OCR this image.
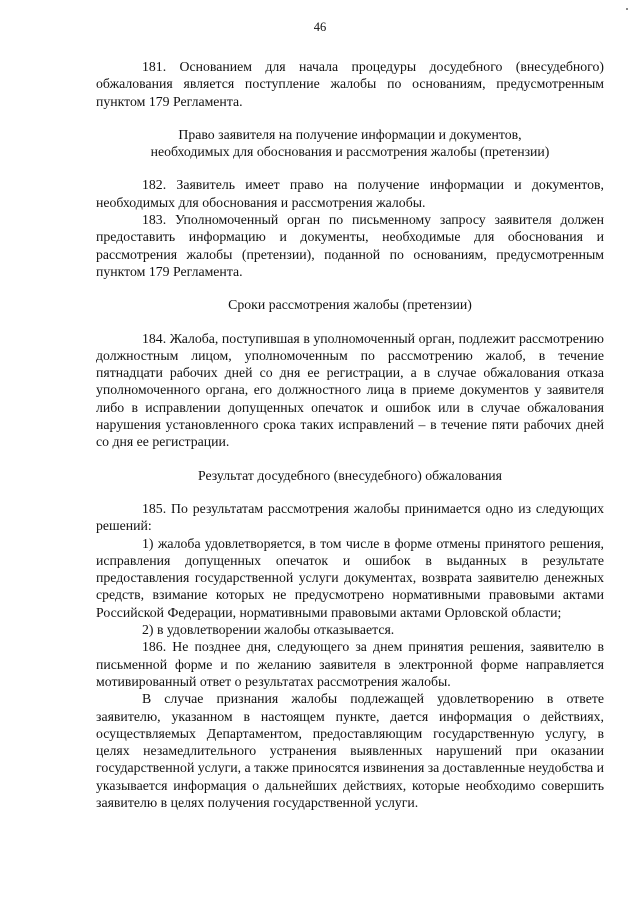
46

181. Основанием для начала процедуры досудебного (внесудебного) обжалования является поступление жалобы по основаниям, предусмотренным пунктом 179 Регламента.

Право заявителя на получение информации и документов,
необходимых для обоснования и рассмотрения жалобы (претензии)

182. Заявитель имеет право на получение информации и документов, необходимых для обоснования и рассмотрения жалобы.

183. Уполномоченный орган по письменному запросу заявителя должен предоставить информацию и документы, необходимые для обоснования и рассмотрения жалобы (претензии), поданной по основаниям, предусмотренным пунктом 179 Регламента.

Сроки рассмотрения жалобы (претензии)

184. Жалоба, поступившая в уполномоченный орган, подлежит рассмотрению должностным лицом, уполномоченным по рассмотрению жалоб, в течение пятнадцати рабочих дней со дня ее регистрации, а в случае обжалования отказа уполномоченного органа, его должностного лица в приеме документов у заявителя либо в исправлении допущенных опечаток и ошибок или в случае обжалования нарушения установленного срока таких исправлений – в течение пяти рабочих дней со дня ее регистрации.

Результат досудебного (внесудебного) обжалования

185. По результатам рассмотрения жалобы принимается одно из следующих решений:

1) жалоба удовлетворяется, в том числе в форме отмены принятого решения, исправления допущенных опечаток и ошибок в выданных в результате предоставления государственной услуги документах, возврата заявителю денежных средств, взимание которых не предусмотрено нормативными правовыми актами Российской Федерации, нормативными правовыми актами Орловской области;

2) в удовлетворении жалобы отказывается.

186. Не позднее дня, следующего за днем принятия решения, заявителю в письменной форме и по желанию заявителя в электронной форме направляется мотивированный ответ о результатах рассмотрения жалобы.

В случае признания жалобы подлежащей удовлетворению в ответе заявителю, указанном в настоящем пункте, дается информация о действиях, осуществляемых Департаментом, предоставляющим государственную услугу, в целях незамедлительного устранения выявленных нарушений при оказании государственной услуги, а также приносятся извинения за доставленные неудобства и указывается информация о дальнейших действиях, которые необходимо совершить заявителю в целях получения государственной услуги.
